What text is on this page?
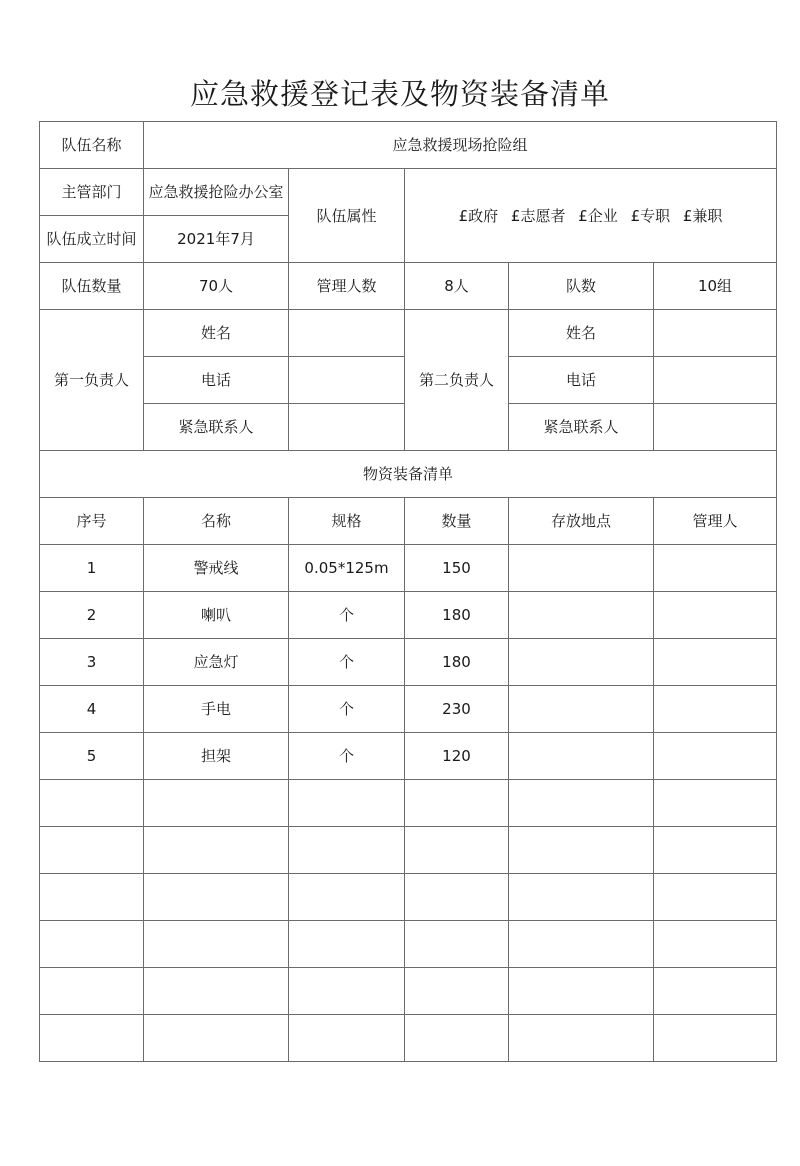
应急救援登记表及物资装备清单
队伍名称	应急救援现场抢险组				
主管部门	应急救援抢险办公室	队伍属性	£政府 £志愿者 £企业 £专职 £兼职		
队伍成立时间	2021年7月				
队伍数量	70人	管理人数	8人	队数	10组
第一负责人	姓名		第二负责人	姓名	
	电话			电话	
	紧急联系人			紧急联系人	
物资装备清单					
序号	名称	规格	数量	存放地点	管理人
1	警戒线	0.05*125m	150		
2	喇叭	个	180		
3	应急灯	个	180		
4	手电	个	230		
5	担架	个	120		
